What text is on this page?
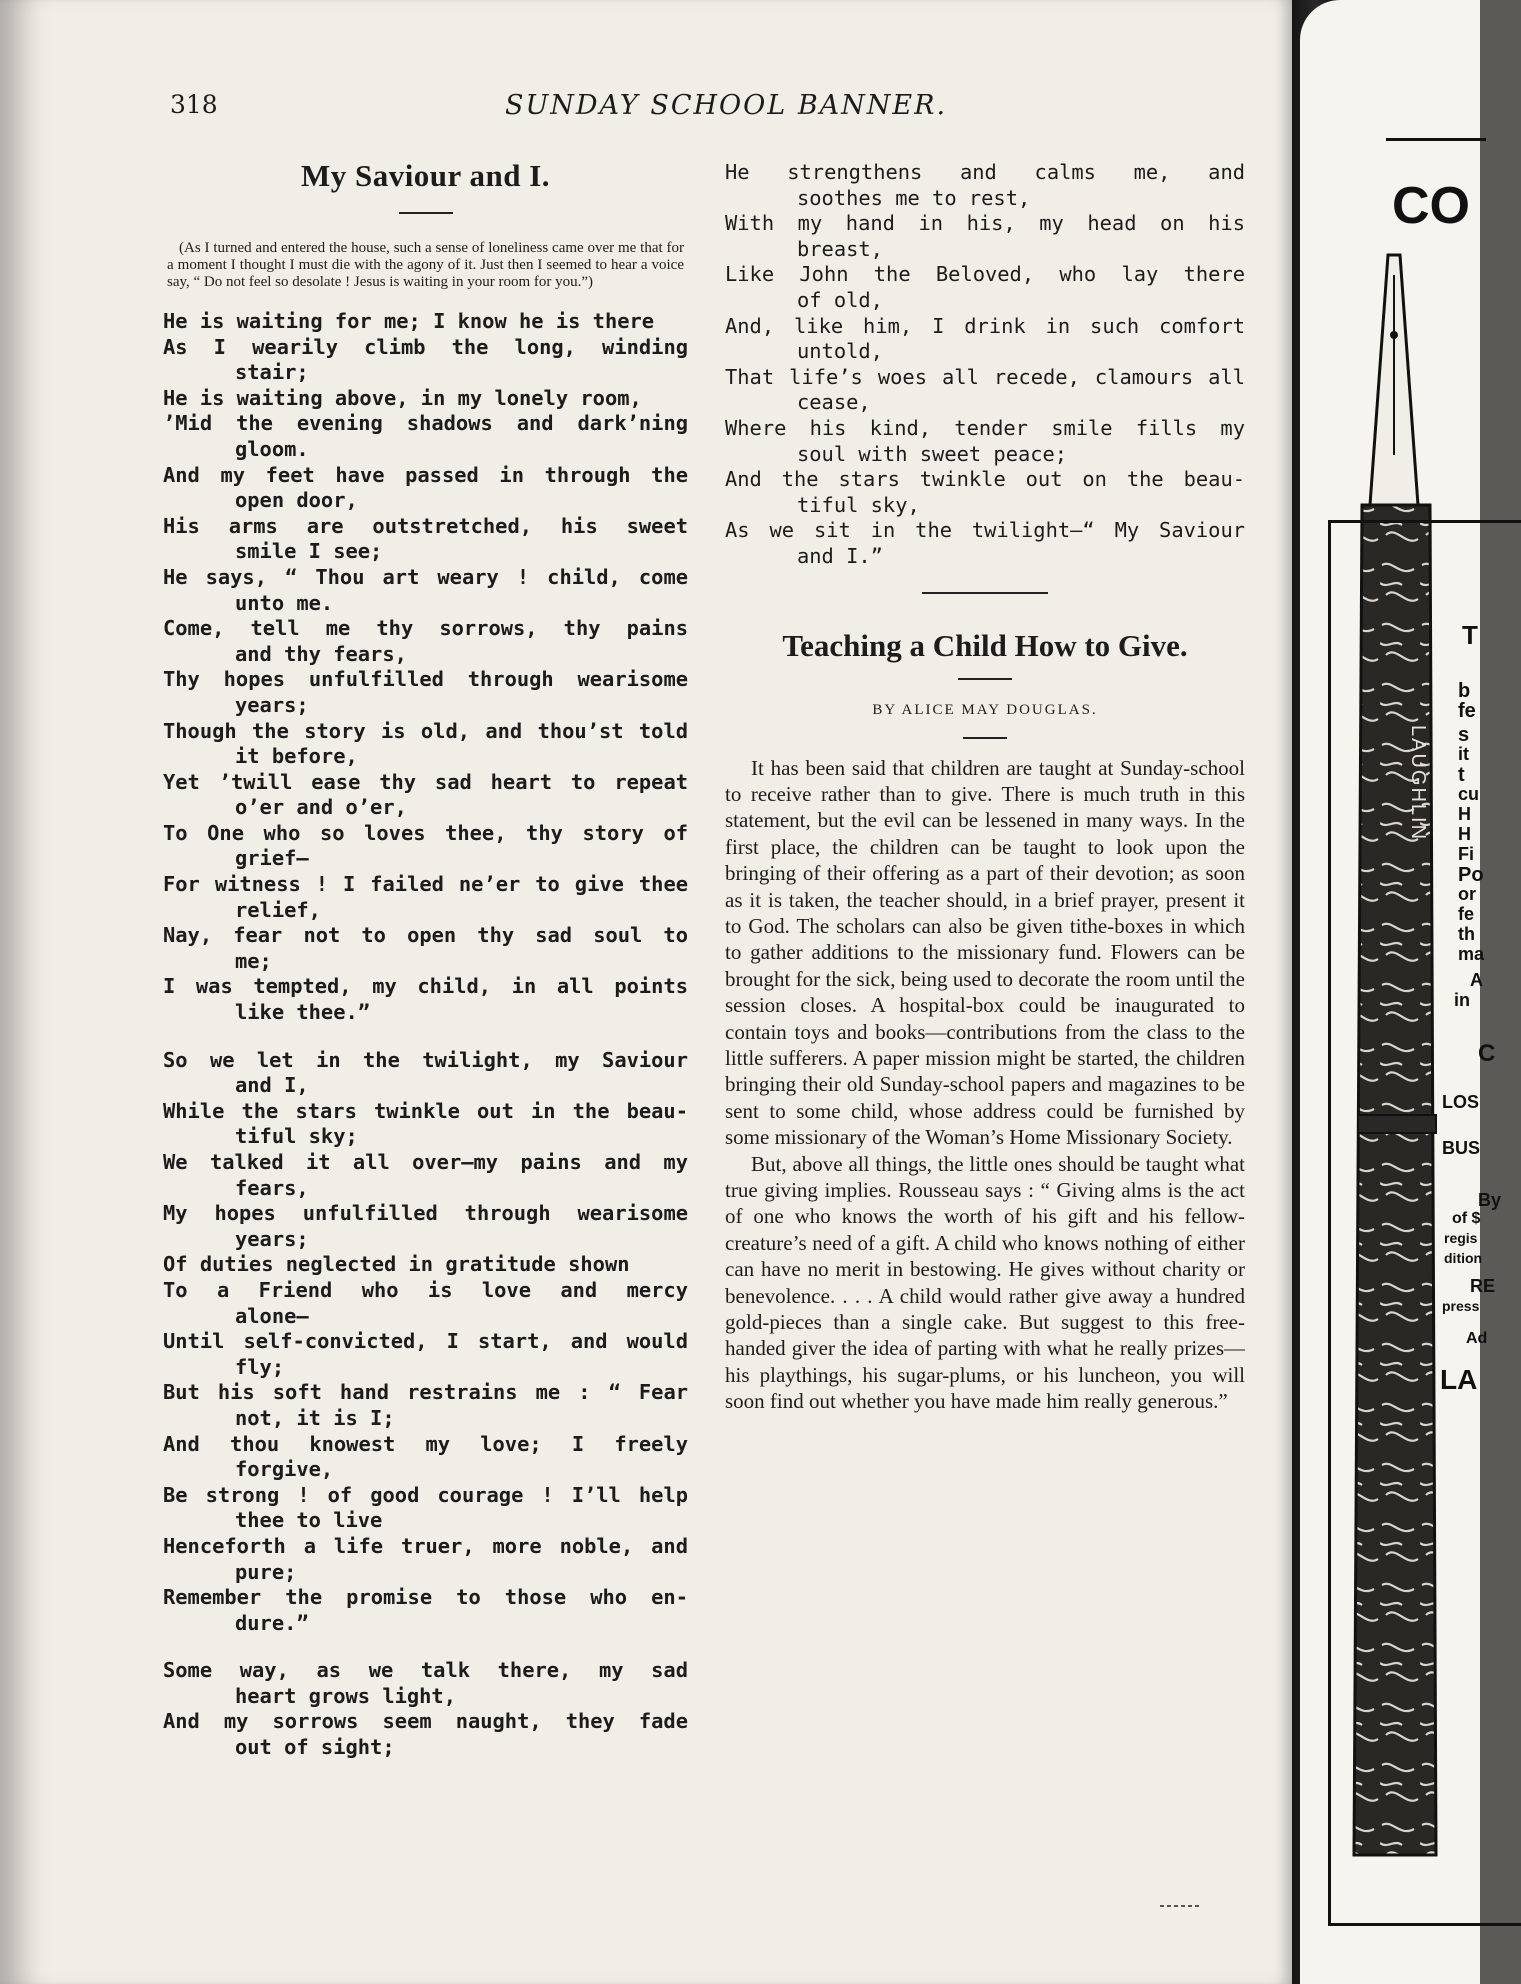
318	SUNDAY SCHOOL BANNER.
My Saviour and I.

(As I turned and entered the house, such a sense of loneliness came over me that for a moment I thought I must die with the agony of it. Just then I seemed to hear a voice say, “ Do not feel so desolate ! Jesus is waiting in your room for you.”)

He is waiting for me; I know he is there
As I wearily climb the long, winding
stair;
He is waiting above, in my lonely room,
’Mid the evening shadows and dark’ning
gloom.
And my feet have passed in through the
open door,
His arms are outstretched, his sweet
smile I see;
He says, “ Thou art weary ! child, come
unto me.
Come, tell me thy sorrows, thy pains
and thy fears,
Thy hopes unfulfilled through wearisome
years;
Though the story is old, and thou’st told
it before,
Yet ’twill ease thy sad heart to repeat
o’er and o’er,
To One who so loves thee, thy story of
grief—
For witness ! I failed ne’er to give thee
relief,
Nay, fear not to open thy sad soul to
me;
I was tempted, my child, in all points
like thee.”
So we let in the twilight, my Saviour
and I,
While the stars twinkle out in the beau-
tiful sky;
We talked it all over—my pains and my
fears,
My hopes unfulfilled through wearisome
years;
Of duties neglected in gratitude shown
To a Friend who is love and mercy
alone—
Until self-convicted, I start, and would
fly;
But his soft hand restrains me : “ Fear
not, it is I;
And thou knowest my love; I freely
forgive,
Be strong ! of good courage ! I’ll help
thee to live
Henceforth a life truer, more noble, and
pure;
Remember the promise to those who en-
dure.”
Some way, as we talk there, my sad
heart grows light,
And my sorrows seem naught, they fade
out of sight;
He strengthens and calms me, and
soothes me to rest,
With my hand in his, my head on his
breast,
Like John the Beloved, who lay there
of old,
And, like him, I drink in such comfort
untold,
That life’s woes all recede, clamours all
cease,
Where his kind, tender smile fills my
soul with sweet peace;
And the stars twinkle out on the beau-
tiful sky,
As we sit in the twilight—“ My Saviour
and I.”
Teaching a Child How to Give.
BY ALICE MAY DOUGLAS.

It has been said that children are taught at Sunday-school to receive rather than to give. There is much truth in this statement, but the evil can be lessened in many ways. In the first place, the children can be taught to look upon the bringing of their offering as a part of their devotion; as soon as it is taken, the teacher should, in a brief prayer, present it to God. The scholars can also be given tithe-boxes in which to gather additions to the missionary fund. Flowers can be brought for the sick, being used to decorate the room until the session closes. A hospital-box could be inaugurated to contain toys and books—contributions from the class to the little sufferers. A paper mission might be started, the children bringing their old Sunday-school papers and magazines to be sent to some child, whose address could be furnished by some missionary of the Woman’s Home Missionary Society.

But, above all things, the little ones should be taught what true giving implies. Rousseau says : “ Giving alms is the act of one who knows the worth of his gift and his fellow-creature’s need of a gift. A child who knows nothing of either can have no merit in bestowing. He gives without charity or benevolence. . . . A child would rather give away a hundred gold-pieces than a single cake. But suggest to this free-handed giver the idea of parting with what he really prizes—his playthings, his sugar-plums, or his luncheon, you will soon find out whether you have made him really generous.”

CO
LAUGHLIN
T
b
fe
s
it
t
cu
H
H
Fi
Po
or
fe
th
ma
A
in
C
LOS
BUS
By
of $
regis
dition
RE
press
Ad
LA
